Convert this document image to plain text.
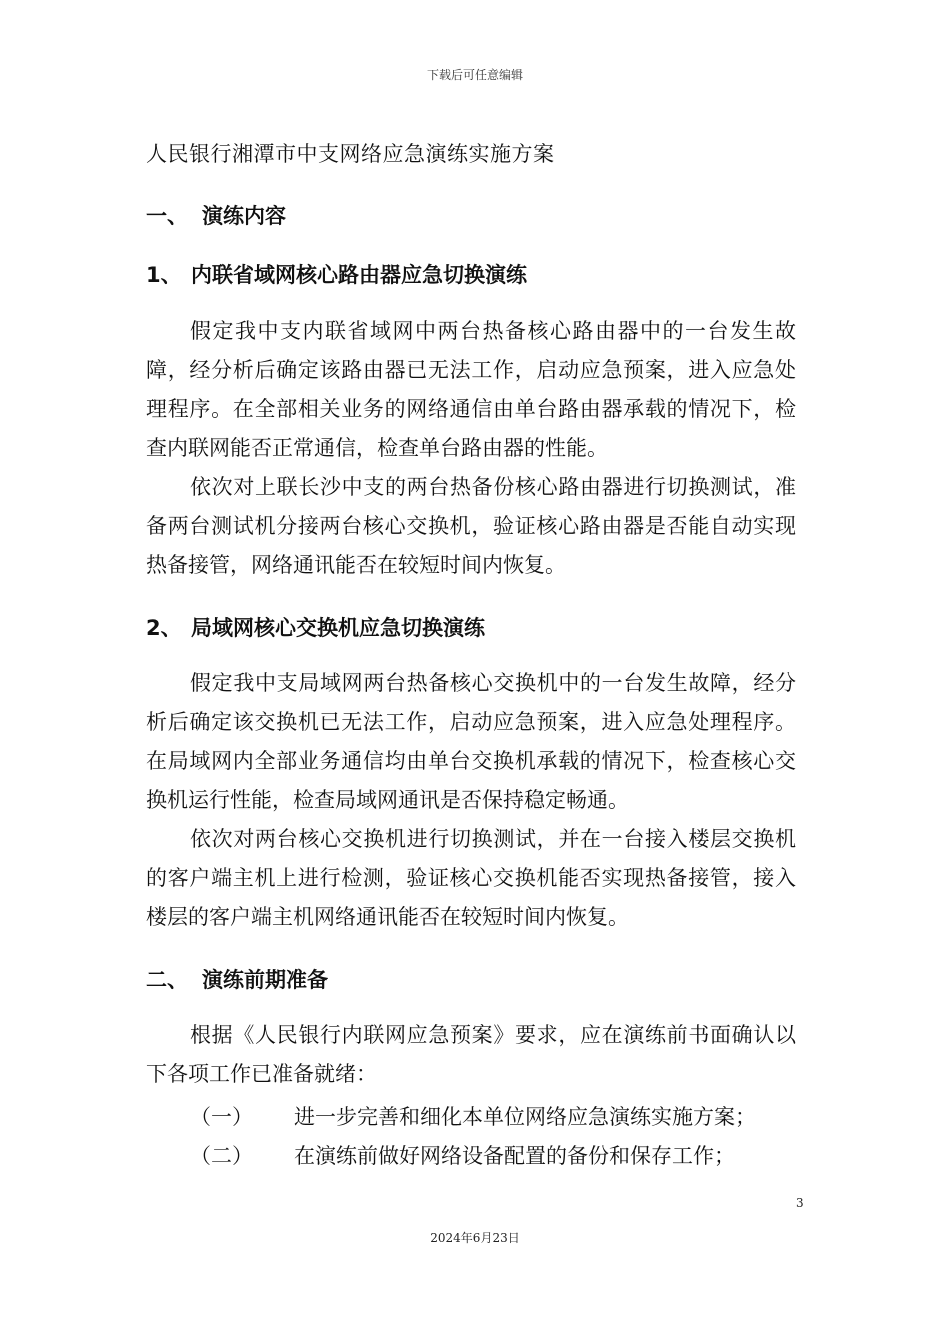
下载后可任意编辑
人民银行湘潭市中支网络应急演练实施方案
一、 演练内容
1、 内联省域网核心路由器应急切换演练

假定我中支内联省域网中两台热备核心路由器中的一台发生故障，经分析后确定该路由器已无法工作，启动应急预案，进入应急处理程序。在全部相关业务的网络通信由单台路由器承载的情况下，检查内联网能否正常通信，检查单台路由器的性能。

依次对上联长沙中支的两台热备份核心路由器进行切换测试，准备两台测试机分接两台核心交换机，验证核心路由器是否能自动实现热备接管，网络通讯能否在较短时间内恢复。

2、 局域网核心交换机应急切换演练

假定我中支局域网两台热备核心交换机中的一台发生故障，经分析后确定该交换机已无法工作，启动应急预案，进入应急处理程序。在局域网内全部业务通信均由单台交换机承载的情况下，检查核心交换机运行性能，检查局域网通讯是否保持稳定畅通。

依次对两台核心交换机进行切换测试，并在一台接入楼层交换机的客户端主机上进行检测，验证核心交换机能否实现热备接管，接入楼层的客户端主机网络通讯能否在较短时间内恢复。

二、 演练前期准备

根据《人民银行内联网应急预案》要求，应在演练前书面确认以下各项工作已准备就绪：

（一） 进一步完善和细化本单位网络应急演练实施方案；
（二） 在演练前做好网络设备配置的备份和保存工作；
3
2024年6月23日
